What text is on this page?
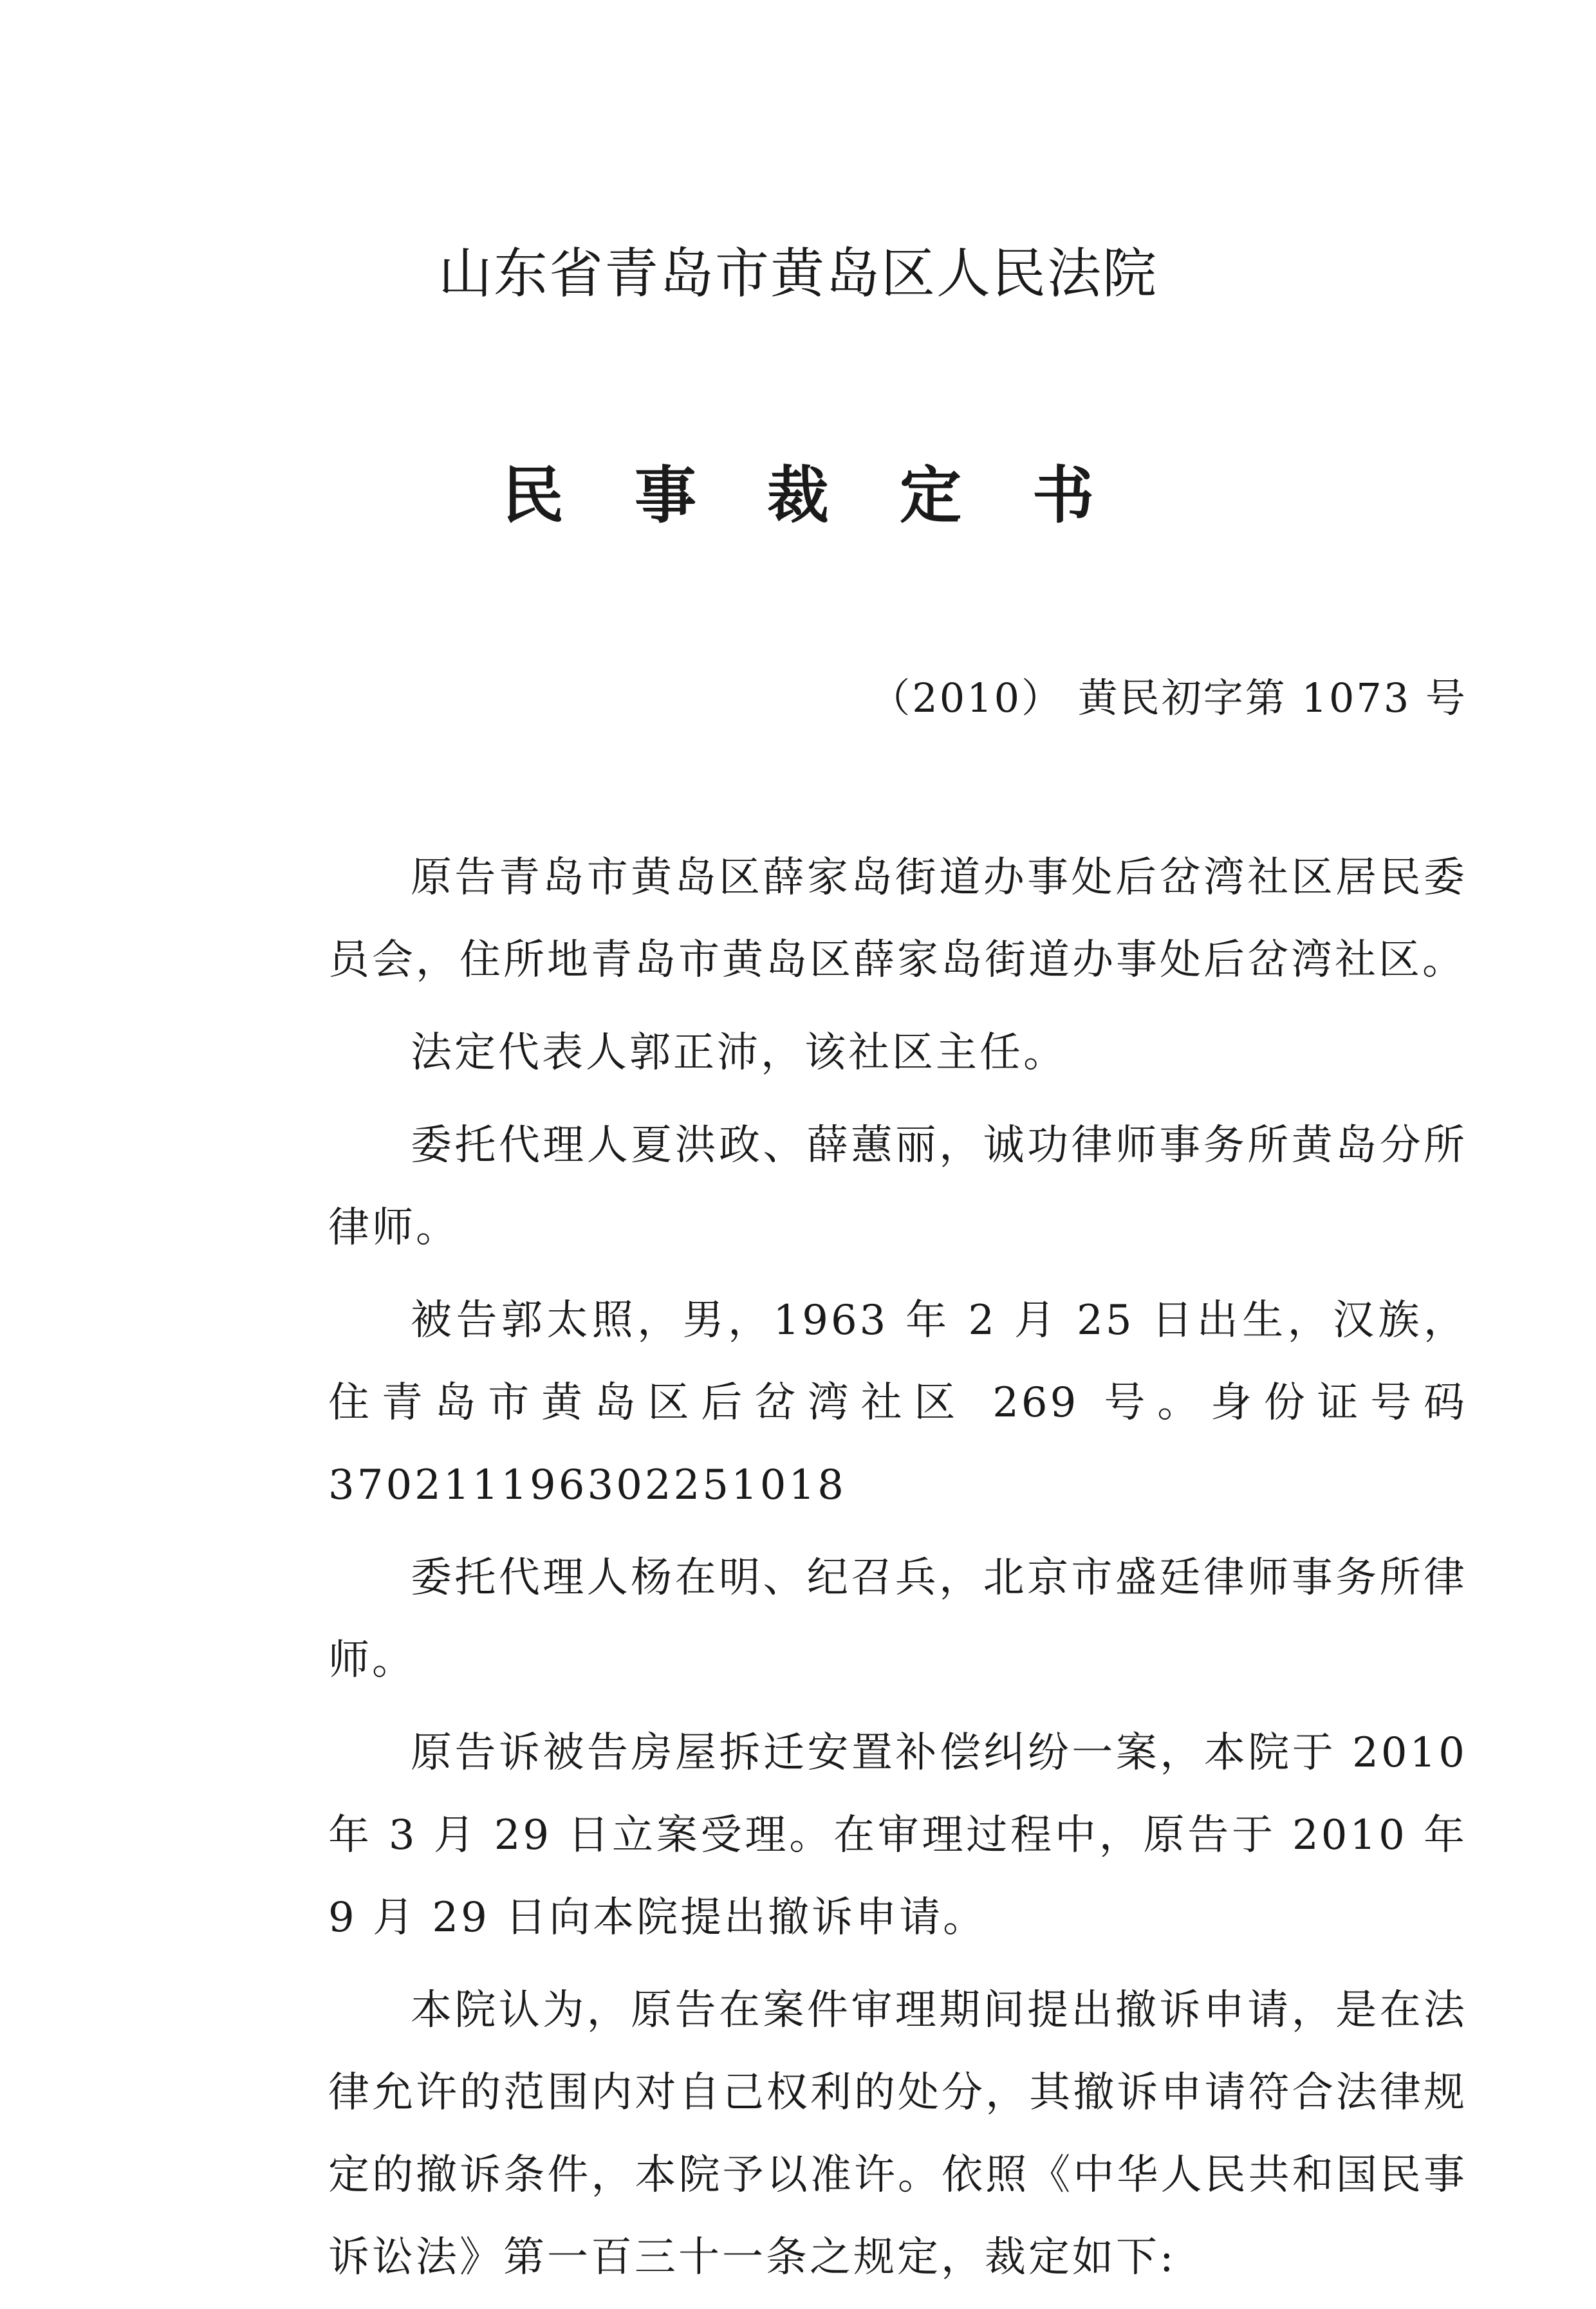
山东省青岛市黄岛区人民法院
民事裁定书
（2010） 黄民初字第 1073 号

原告青岛市黄岛区薛家岛街道办事处后岔湾社区居民委员会，住所地青岛市黄岛区薛家岛街道办事处后岔湾社区。

法定代表人郭正沛，该社区主任。

委托代理人夏洪政、薛蕙丽，诚功律师事务所黄岛分所律师。

被告郭太照，男，1963 年 2 月 25 日出生，汉族，住青岛市黄岛区后岔湾社区 269 号。身份证号码 370211196302251018

委托代理人杨在明、纪召兵，北京市盛廷律师事务所律师。

原告诉被告房屋拆迁安置补偿纠纷一案，本院于 2010 年 3 月 29 日立案受理。在审理过程中，原告于 2010 年 9 月 29 日向本院提出撤诉申请。

本院认为，原告在案件审理期间提出撤诉申请，是在法律允许的范围内对自己权利的处分，其撤诉申请符合法律规定的撤诉条件，本院予以准许。依照《中华人民共和国民事诉讼法》第一百三十一条之规定，裁定如下:
